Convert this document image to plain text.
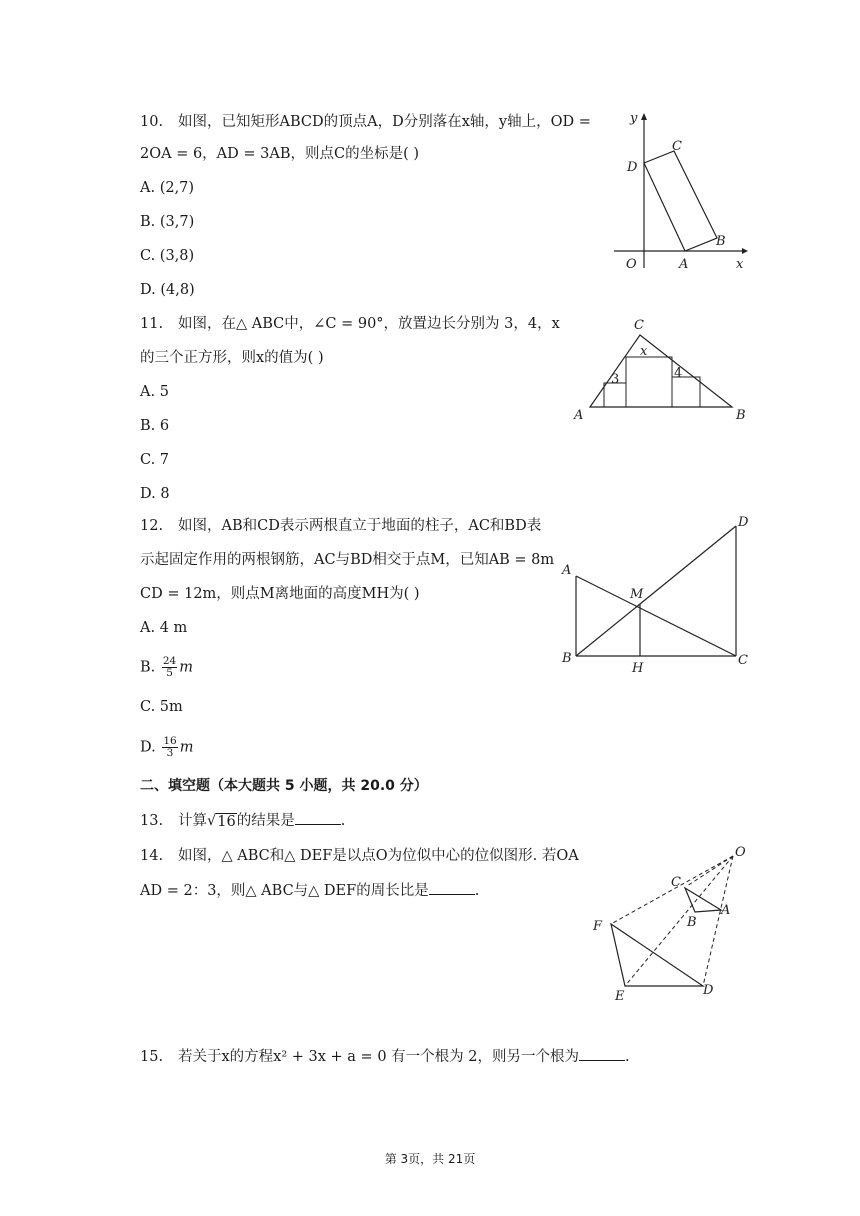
10. 如图，已知矩形ABCD的顶点A，D分别落在x轴，y轴上，OD =
2OA = 6，AD = 3AB，则点C的坐标是( )
A. (2,7)
B. (3,7)
C. (3,8)
D. (4,8)
y
x
O	A
B
C
D
11. 如图，在△ ABC中，∠C = 90°，放置边长分别为 3，4，x
的三个正方形，则x的值为( )
A. 5
B. 6
C. 7
D. 8
A	B
C
3	4
x
12. 如图，AB和CD表示两根直立于地面的柱子，AC和BD表
示起固定作用的两根钢筋，AC与BD相交于点M，已知AB = 8m
CD = 12m，则点M离地面的高度MH为( )
A. 4 m
B. $\frac{24}{5}$ m
C. 5m
D. $\frac{16}{3}$ m
A
B	C
D
M
H
二、填空题（本大题共 5 小题，共 20.0 分）
13. 计算 √ 16 的结果是	.
14. 如图，△ ABC和△ DEF是以点O为位似中心的位似图形. 若OA
AD = 2：3，则△ ABC与△ DEF的周长比是	.
O
A
B
C
D
E
F
15. 若关于x的方程x² + 3x + a = 0 有一个根为 2，则另一个根为	.
第 3页，共 21页
